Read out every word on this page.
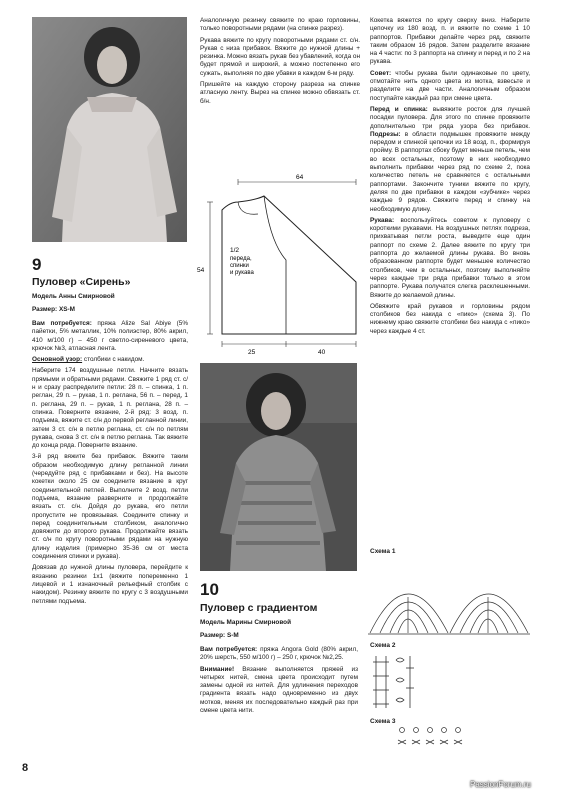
9
Пуловер «Сирень»
Модель Анны Смирновой
Размер: XS-M

Вам потребуется: пряжа Alize Sal Abiye (5% пайетки, 5% металлик, 10% полиэстер, 80% акрил, 410 м/100 г) – 450 г светло-сиреневого цвета, крючок №3, атласная лента.

Основной узор: столбики с накидом.

Наберите 174 воздушные петли. Начните вязать прямыми и обратными рядами. Свяжите 1 ряд ст. с/н и сразу распределите петли: 28 п. – спинка, 1 п. реглан, 29 п. – рукав, 1 п. реглана, 56 п. – перед, 1 п. реглана, 29 п. – рукав, 1 п. реглана, 28 п. – спинка. Поверните вязание, 2-й ряд: 3 возд. п. подъема, вяжите ст. с/н до первой регланной линии, затем 3 ст. с/н в петлю реглана, ст. с/н по петлям рукава, снова 3 ст. с/н в петлю реглана. Так вяжите до конца ряда. Поверните вязание.

3-й ряд вяжите без прибавок. Вяжите таким образом необходимую длину регланной линии (чередуйте ряд с прибавками и без). На высоте кокетки около 25 см соедините вязание в круг соединительной петлей. Выполните 2 возд. петли подъема, вязание разверните и продолжайте вязать ст. с/н. Дойдя до рукава, его петли пропустите не провязывая. Соедините спинку и перед соединительным столбиком, аналогично довяжите до второго рукава. Продолжайте вязать ст. с/н по кругу поворотными рядами на нужную длину изделия (примерно 35-36 см от места соединения спинки и рукава).

Довязав до нужной длины пуловера, перейдите к вязанию резинки 1х1 (вяжите попеременно 1 лицевой и 1 изнаночный рельефный столбик с накидом). Резинку вяжите по кругу с 3 воздушными петлями подъема.

Аналогичную резинку свяжите по краю горловины, только поворотными рядами (на спинке разрез).

Рукава вяжите по кругу поворотными рядами ст. с/н. Рукав с низа прибавок. Вяжите до нужной длины + резинка. Можно вязать рукав без убавлений, когда он будет прямой и широкий, а можно постепенно его сужать, выполняя по две убавки в каждом 6-м ряду.

Пришейте на каждую сторону разреза на спинке атласную ленту. Вырез на спинке можно обвязать ст. б/н.

64
54
25	40
1/2
переда,
спинки
и рукава
10
Пуловер с градиентом
Модель Марины Смирновой
Размер: S-M

Вам потребуется: пряжа Angora Gold (80% акрил, 20% шерсть, 550 м/100 г) – 250 г, крючок №2,25.

Внимание! Вязание выполняется пряжей из четырех нитей, смена цвета происходит путем замены одной из нитей. Для удлинения переходов градиента вязать надо одновременно из двух мотков, меняя их последовательно каждый раз при смене цвета нити.

Кокетка вяжется по кругу сверху вниз. Наберите цепочку из 180 возд. п. и вяжите по схеме 1 10 раппортов. Прибавки делайте через ряд, свяжите таким образом 16 рядов. Затем разделите вязание на 4 части: по 3 раппорта на спинку и перед и по 2 на рукава.

Совет: чтобы рукава были одинаковые по цвету, отмотайте нить одного цвета из мотка, взвесьте и разделите на две части. Аналогичным образом поступайте каждый раз при смене цвета.

Перед и спинка: вывяжите росток для лучшей посадки пуловера. Для этого по спинке провяжите дополнительно три ряда узора без прибавок. Подрезы: в области подмышек провяжите между передом и спинкой цепочки из 18 возд. п., формируя пройму. В раппортах сбоку будет меньше петель, чем во всех остальных, поэтому в них необходимо выполнить прибавки через ряд по схеме 2, пока количество петель не сравняется с остальными раппортами. Закончите туники вяжите по кругу, деляя по две прибавки в каждом «зубчике» через каждые 9 рядов. Свяжите перед и спинку на необходимую длину.

Рукава: воспользуйтесь советом к пуловеру с короткими рукавами. На воздушных петлях подреза, прихватывая петли роста, выведите еще один раппорт по схеме 2. Далее вяжите по кругу три раппорта до желаемой длины рукава. Во вновь образованном раппорте будет меньшее количество столбиков, чем в остальных, поэтому выполняйте через каждые три ряда прибавки только в этом раппорте. Рукава получатся слегка расклешенными. Вяжите до желаемой длины.

Обвяжите край рукавов и горловины рядом столбиков без накида с «пико» (схема 3). По нижнему краю свяжите столбики без накида с «пико» через каждые 4 ст.

Схема 1
Схема 2
Схема 3
8
PassionForum.ru
